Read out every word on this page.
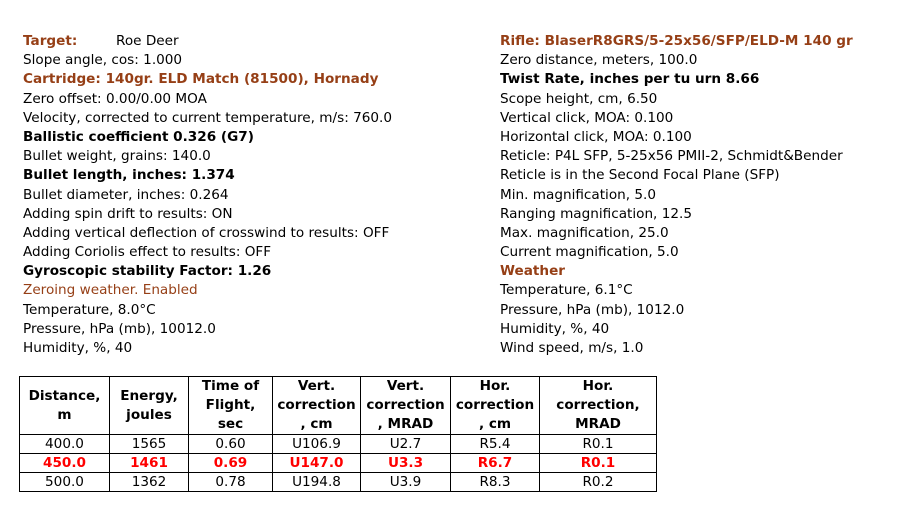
Target:	Roe Deer
Slope angle, cos: 1.000
Cartridge: 140gr. ELD Match (81500), Hornady
Zero offset: 0.00/0.00 MOA
Velocity, corrected to current temperature, m/s: 760.0
Ballistic coefficient 0.326 (G7)
Bullet weight, grains: 140.0
Bullet length, inches: 1.374
Bullet diameter, inches: 0.264
Adding spin drift to results: ON
Adding vertical deflection of crosswind to results: OFF
Adding Coriolis effect to results: OFF
Gyroscopic stability Factor: 1.26
Zeroing weather. Enabled
Temperature, 8.0°C
Pressure, hPa (mb), 10012.0
Humidity, %, 40
Rifle: BlaserR8GRS/5-25x56/SFP/ELD-M 140 gr
Zero distance, meters, 100.0
Twist Rate, inches per tu urn 8.66
Scope height, cm, 6.50
Vertical click, MOA: 0.100
Horizontal click, MOA: 0.100
Reticle: P4L SFP, 5-25x56 PMII-2, Schmidt&Bender
Reticle is in the Second Focal Plane (SFP)
Min. magnification, 5.0
Ranging magnification, 12.5
Max. magnification, 25.0
Current magnification, 5.0
Weather
Temperature, 6.1°C
Pressure, hPa (mb), 1012.0
Humidity, %, 40
Wind speed, m/s, 1.0
Distance,
m	Energy,
joules	Time of
Flight, sec	Vert.
correction
, cm	Vert.
correction
, MRAD	Hor.
correction
, cm	Hor.
correction,
MRAD
400.0	1565	0.60	U106.9	U2.7	R5.4	R0.1
450.0	1461	0.69	U147.0	U3.3	R6.7	R0.1
500.0	1362	0.78	U194.8	U3.9	R8.3	R0.2
